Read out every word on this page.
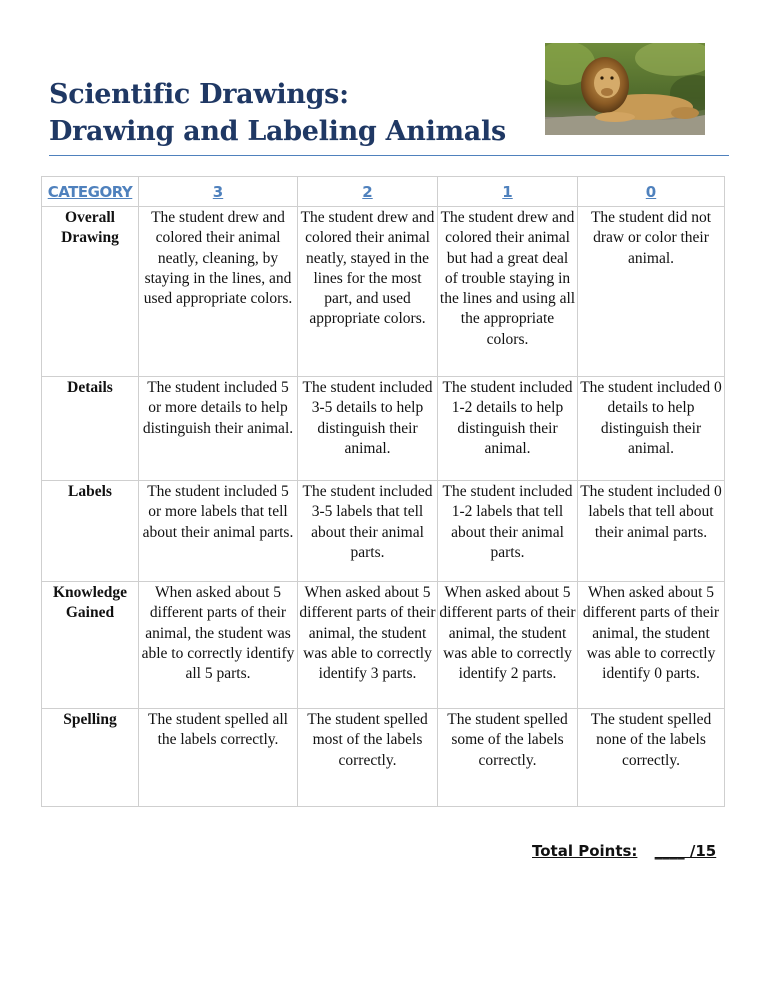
Scientific Drawings:
Drawing and Labeling Animals
CATEGORY	3	2	1	0
Overall Drawing	The student drew and colored their animal neatly, cleaning, by staying in the lines, and used appropriate colors.	The student drew and colored their animal neatly, stayed in the lines for the most part, and used appropriate colors.	The student drew and colored their animal but had a great deal of trouble staying in the lines and using all the appropriate colors.	The student did not draw or color their animal.
Details	The student included 5 or more details to help distinguish their animal.	The student included 3-5 details to help distinguish their animal.	The student included 1-2 details to help distinguish their animal.	The student included 0 details to help distinguish their animal.
Labels	The student included 5 or more labels that tell about their animal parts.	The student included 3-5 labels that tell about their animal parts.	The student included 1-2 labels that tell about their animal parts.	The student included 0 labels that tell about their animal parts.
Knowledge Gained	When asked about 5 different parts of their animal, the student was able to correctly identify all 5 parts.	When asked about 5 different parts of their animal, the student was able to correctly identify 3 parts.	When asked about 5 different parts of their animal, the student was able to correctly identify 2 parts.	When asked about 5 different parts of their animal, the student was able to correctly identify 0 parts.
Spelling	The student spelled all the labels correctly.	The student spelled most of the labels correctly.	The student spelled some of the labels correctly.	The student spelled none of the labels correctly.
Total Points: ____ /15
